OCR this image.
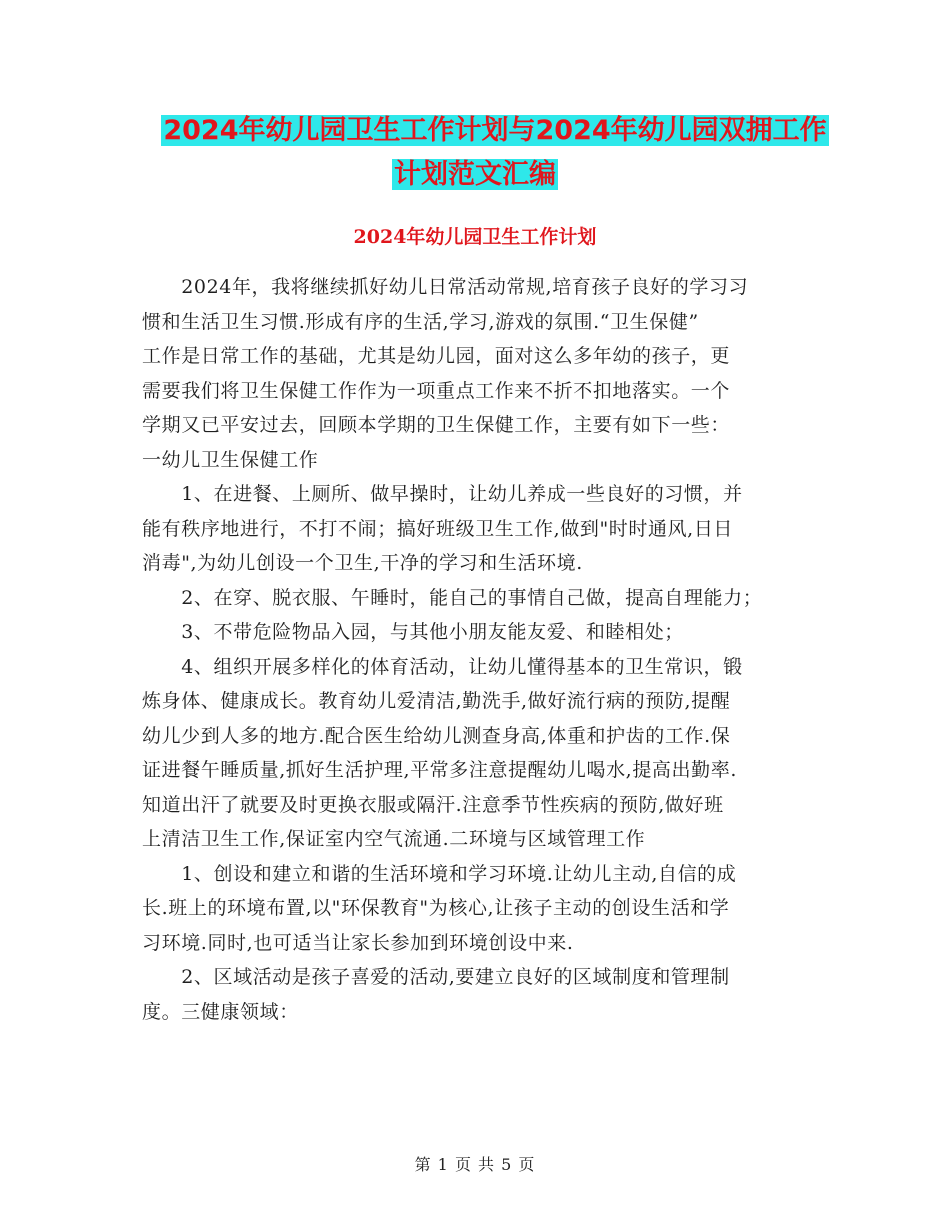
2024年幼儿园卫生工作计划与2024年幼儿园双拥工作
计划范文汇编
2024年幼儿园卫生工作计划
　　2024年，我将继续抓好幼儿日常活动常规,培育孩子良好的学习习
惯和生活卫生习惯.形成有序的生活,学习,游戏的氛围.“卫生保健”
工作是日常工作的基础，尤其是幼儿园，面对这么多年幼的孩子，更
需要我们将卫生保健工作作为一项重点工作来不折不扣地落实。一个
学期又已平安过去，回顾本学期的卫生保健工作，主要有如下一些：
一幼儿卫生保健工作
　　1、在进餐、上厕所、做早操时，让幼儿养成一些良好的习惯，并
能有秩序地进行，不打不闹；搞好班级卫生工作,做到"时时通风,日日
消毒",为幼儿创设一个卫生,干净的学习和生活环境.
　　2、在穿、脱衣服、午睡时，能自己的事情自己做，提高自理能力；
　　3、不带危险物品入园，与其他小朋友能友爱、和睦相处；
　　4、组织开展多样化的体育活动，让幼儿懂得基本的卫生常识，锻
炼身体、健康成长。教育幼儿爱清洁,勤洗手,做好流行病的预防,提醒
幼儿少到人多的地方.配合医生给幼儿测查身高,体重和护齿的工作.保
证进餐午睡质量,抓好生活护理,平常多注意提醒幼儿喝水,提高出勤率.
知道出汗了就要及时更换衣服或隔汗.注意季节性疾病的预防,做好班
上清洁卫生工作,保证室内空气流通.二环境与区域管理工作
　　1、创设和建立和谐的生活环境和学习环境.让幼儿主动,自信的成
长.班上的环境布置,以"环保教育"为核心,让孩子主动的创设生活和学
习环境.同时,也可适当让家长参加到环境创设中来.
　　2、区域活动是孩子喜爱的活动,要建立良好的区域制度和管理制
度。三健康领域：
第 1 页 共 5 页
